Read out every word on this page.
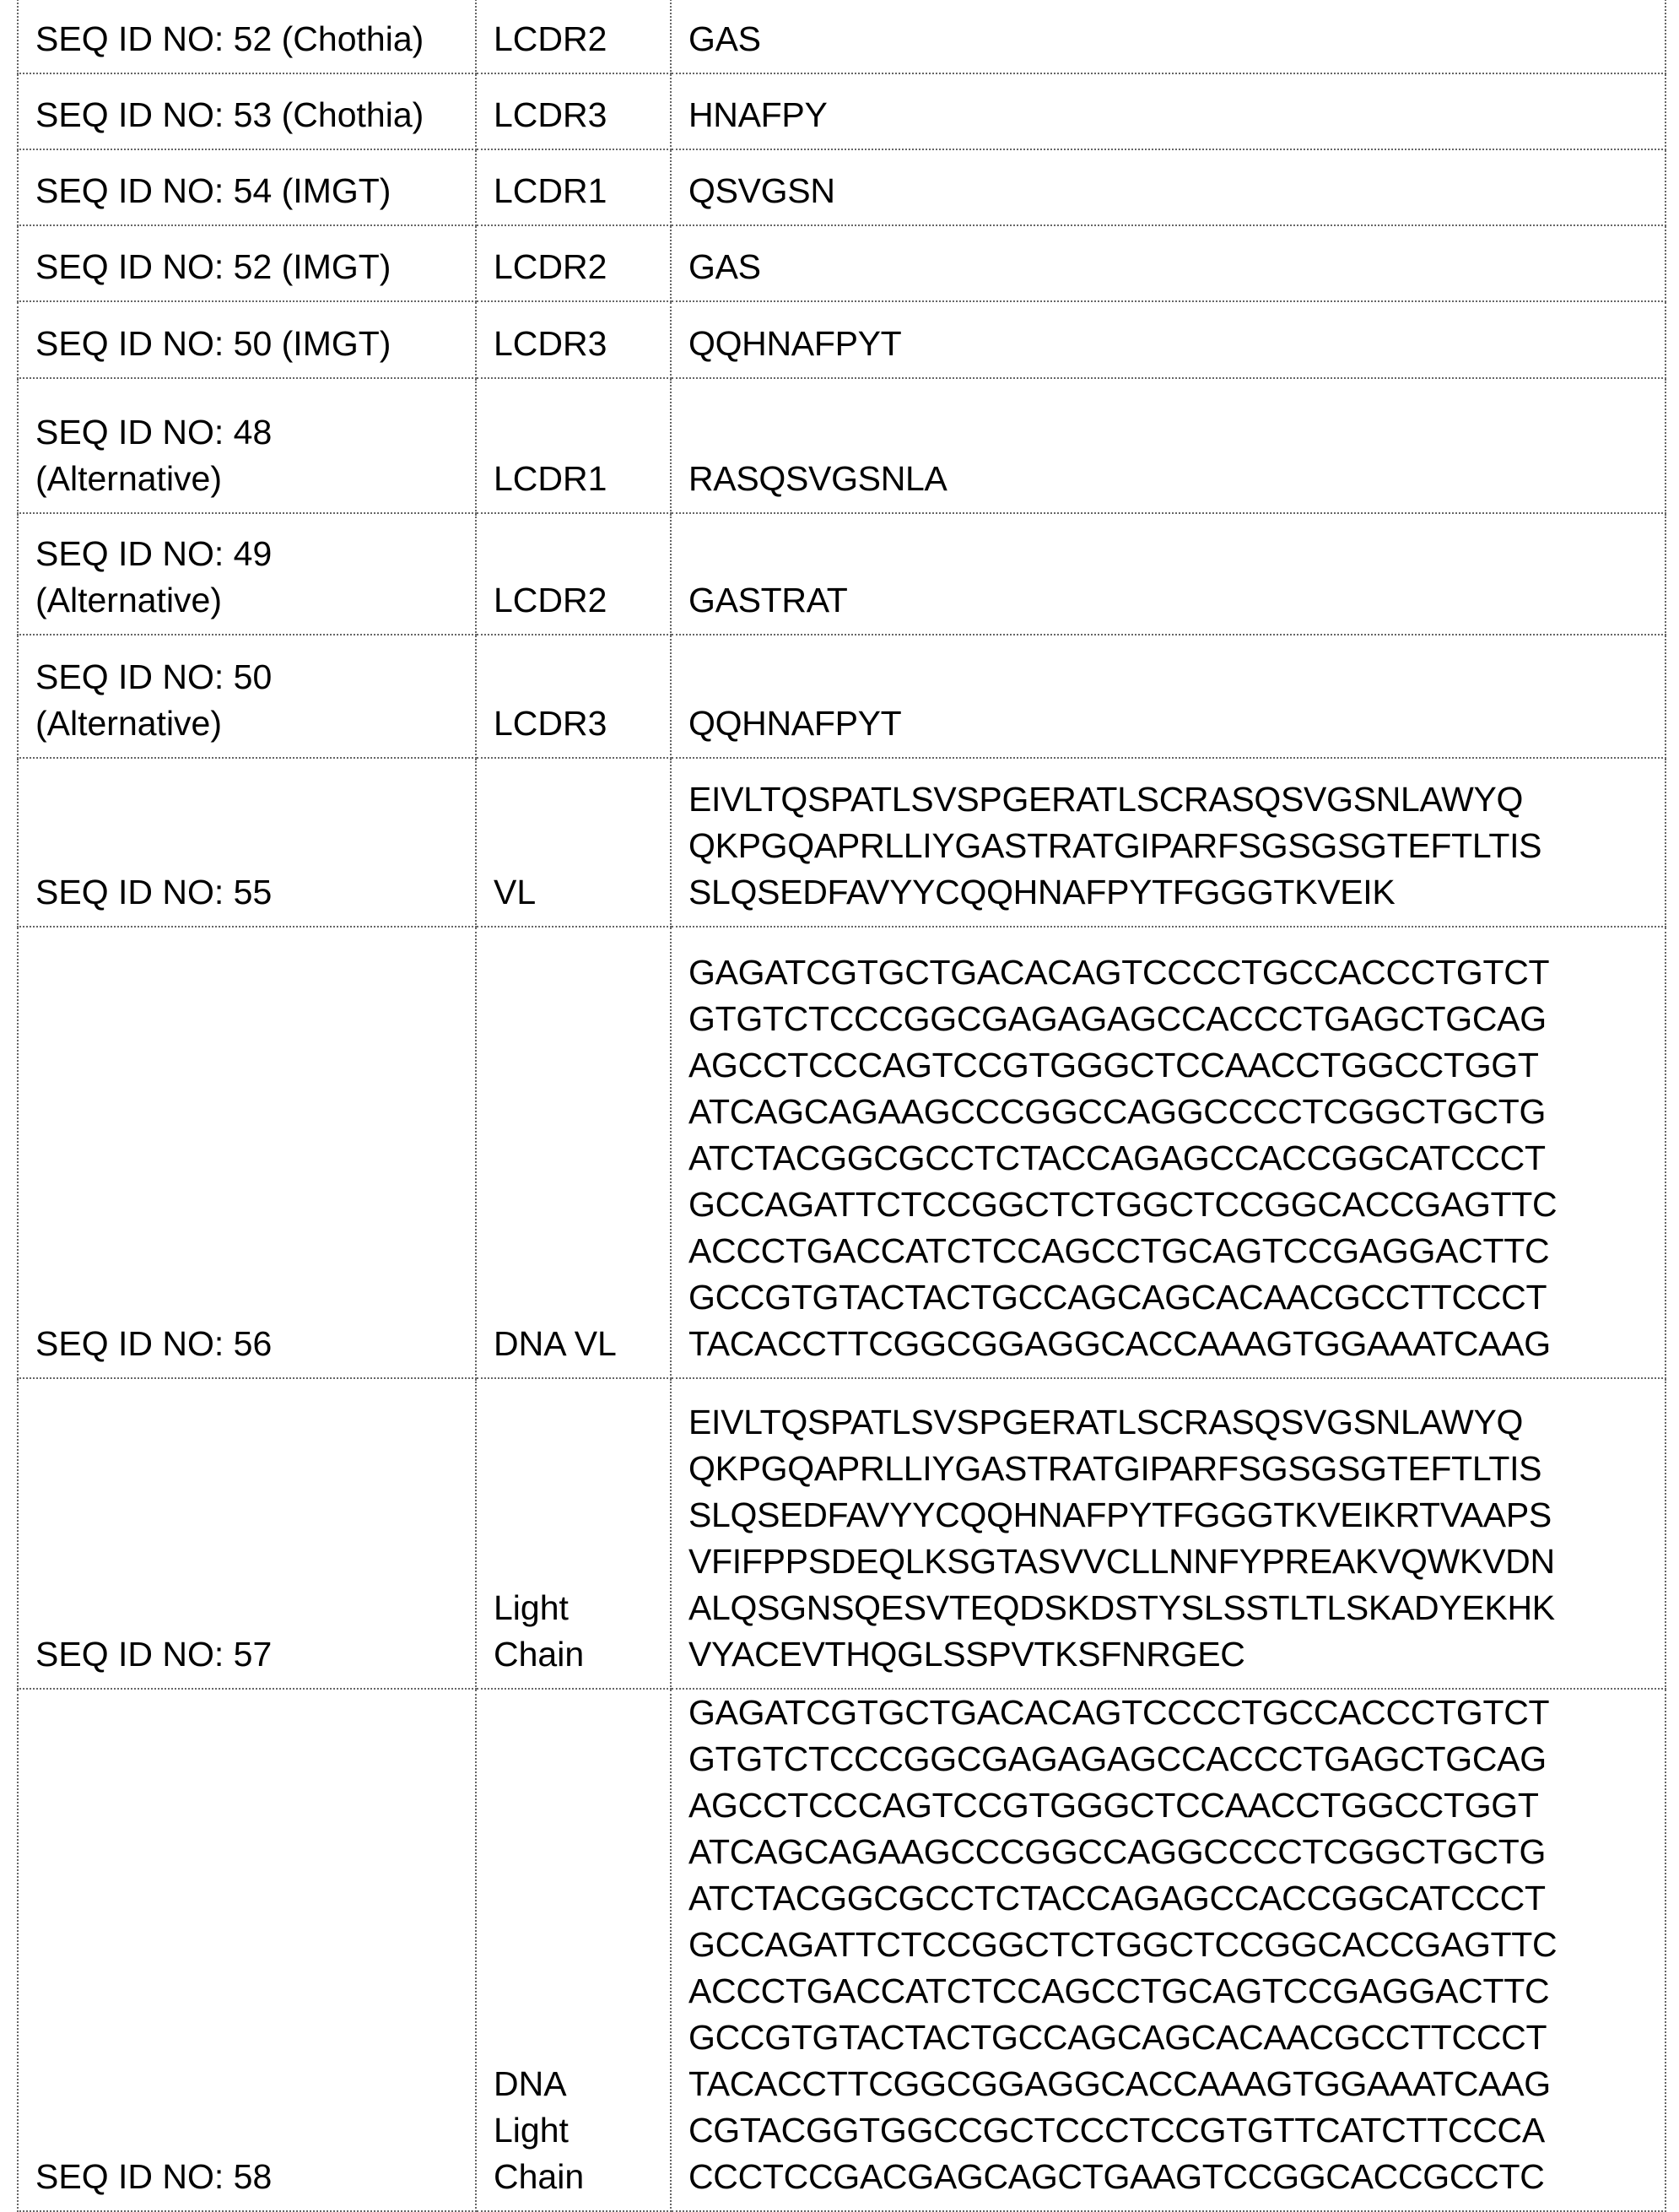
SEQ ID NO: 52 (Chothia)	LCDR2	GAS

SEQ ID NO: 53 (Chothia)	LCDR3	HNAFPY

SEQ ID NO: 54 (IMGT)	LCDR1	QSVGSN

SEQ ID NO: 52 (IMGT)	LCDR2	GAS

SEQ ID NO: 50 (IMGT)	LCDR3	QQHNAFPYT

SEQ ID NO: 48
(Alternative)	LCDR1	RASQSVGSNLA

SEQ ID NO: 49
(Alternative)	LCDR2	GASTRAT

SEQ ID NO: 50
(Alternative)	LCDR3	QQHNAFPYT

SEQ ID NO: 55	VL

EIVLTQSPATLSVSPGERATLSCRASQSVGSNLAWYQ
QKPGQAPRLLIYGASTRATGIPARFSGSGSGTEFTLTIS
SLQSEDFAVYYCQQHNAFPYTFGGGTKVEIK

SEQ ID NO: 56	DNA VL

GAGATCGTGCTGACACAGTCCCCTGCCACCCTGTCT
GTGTCTCCCGGCGAGAGAGCCACCCTGAGCTGCAG
AGCCTCCCAGTCCGTGGGCTCCAACCTGGCCTGGT
ATCAGCAGAAGCCCGGCCAGGCCCCTCGGCTGCTG
ATCTACGGCGCCTCTACCAGAGCCACCGGCATCCCT
GCCAGATTCTCCGGCTCTGGCTCCGGCACCGAGTTC
ACCCTGACCATCTCCAGCCTGCAGTCCGAGGACTTC
GCCGTGTACTACTGCCAGCAGCACAACGCCTTCCCT
TACACCTTCGGCGGAGGCACCAAAGTGGAAATCAAG

SEQ ID NO: 57

Light
Chain

EIVLTQSPATLSVSPGERATLSCRASQSVGSNLAWYQ
QKPGQAPRLLIYGASTRATGIPARFSGSGSGTEFTLTIS
SLQSEDFAVYYCQQHNAFPYTFGGGTKVEIKRTVAAPS
VFIFPPSDEQLKSGTASVVCLLNNFYPREAKVQWKVDN
ALQSGNSQESVTEQDSKDSTYSLSSTLTLSKADYEKHK
VYACEVTHQGLSSPVTKSFNRGEC

SEQ ID NO: 58

DNA
Light
Chain

GAGATCGTGCTGACACAGTCCCCTGCCACCCTGTCT
GTGTCTCCCGGCGAGAGAGCCACCCTGAGCTGCAG
AGCCTCCCAGTCCGTGGGCTCCAACCTGGCCTGGT
ATCAGCAGAAGCCCGGCCAGGCCCCTCGGCTGCTG
ATCTACGGCGCCTCTACCAGAGCCACCGGCATCCCT
GCCAGATTCTCCGGCTCTGGCTCCGGCACCGAGTTC
ACCCTGACCATCTCCAGCCTGCAGTCCGAGGACTTC
GCCGTGTACTACTGCCAGCAGCACAACGCCTTCCCT
TACACCTTCGGCGGAGGCACCAAAGTGGAAATCAAG
CGTACGGTGGCCGCTCCCTCCGTGTTCATCTTCCCA
CCCTCCGACGAGCAGCTGAAGTCCGGCACCGCCTC
